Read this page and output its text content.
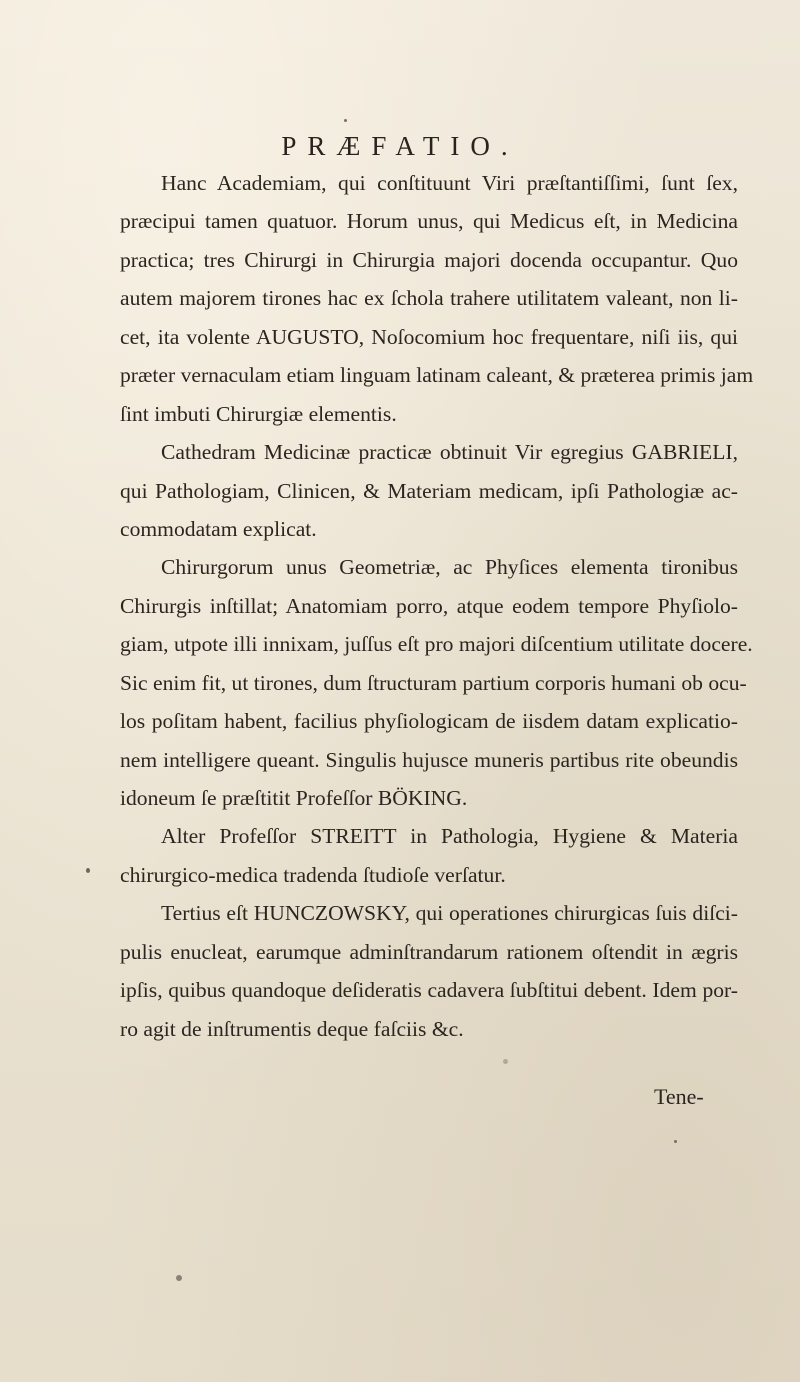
PRÆFATIO.
Hanc Academiam, qui conſtituunt Viri præſtantiſſimi, ſunt ſex,
præcipui tamen quatuor. Horum unus, qui Medicus eſt, in Medicina
practica; tres Chirurgi in Chirurgia majori docenda occupantur. Quo
autem majorem tirones hac ex ſchola trahere utilitatem valeant, non li-
cet, ita volente AUGUSTO, Noſocomium hoc frequentare, niſi iis, qui
præter vernaculam etiam linguam latinam caleant, & præterea primis jam
ſint imbuti Chirurgiæ elementis.
Cathedram Medicinæ practicæ obtinuit Vir egregius GABRIELI,
qui Pathologiam, Clinicen, & Materiam medicam, ipſi Pathologiæ ac-
commodatam explicat.
Chirurgorum unus Geometriæ, ac Phyſices elementa tironibus
Chirurgis inſtillat; Anatomiam porro, atque eodem tempore Phyſiolo-
giam, utpote illi innixam, juſſus eſt pro majori diſcentium utilitate docere.
Sic enim fit, ut tirones, dum ſtructuram partium corporis humani ob ocu-
los poſitam habent, facilius phyſiologicam de iisdem datam explicatio-
nem intelligere queant. Singulis hujusce muneris partibus rite obeundis
idoneum ſe præſtitit Profeſſor BÖKING.
Alter Profeſſor STREITT in Pathologia, Hygiene & Materia
chirurgico-medica tradenda ſtudioſe verſatur.
Tertius eſt HUNCZOWSKY, qui operationes chirurgicas ſuis diſci-
pulis enucleat, earumque adminſtrandarum rationem oſtendit in ægris
ipſis, quibus quandoque deſideratis cadavera ſubſtitui debent. Idem por-
ro agit de inſtrumentis deque faſciis &c.
Tene-
